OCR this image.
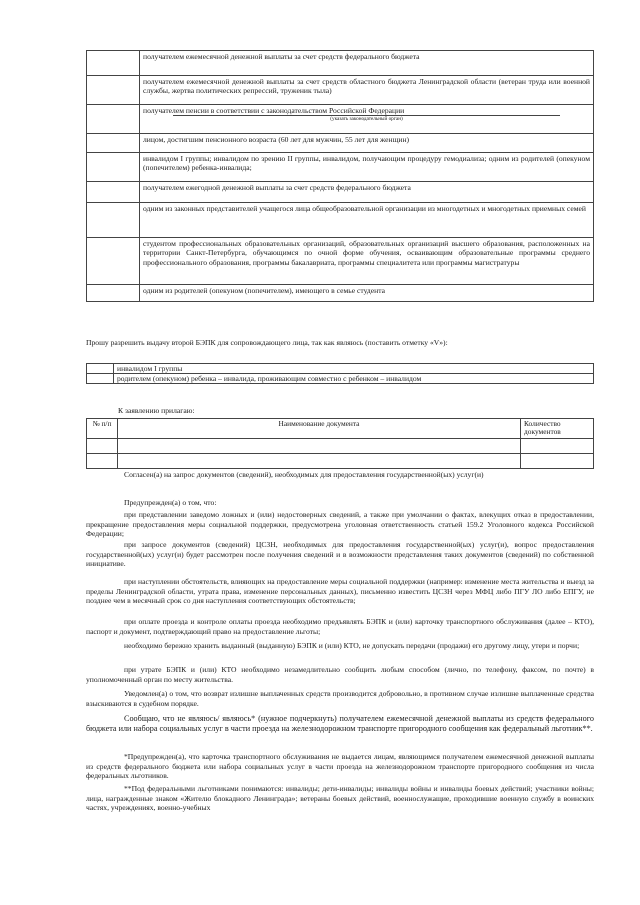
	получателем ежемесячной денежной выплаты за счет средств федерального бюджета
	получателем ежемесячной денежной выплаты за счет средств областного бюджета Ленинградской области (ветеран труда или военной службы, жертва политических репрессий, труженик тыла)
	получателем пенсии в соответствии с законодательством Российской Федерации
(указать законодательный орган)

	лицом, достигшим пенсионного возраста (60 лет для мужчин, 55 лет для женщин)
	инвалидом I группы; инвалидом по зрению II группы, инвалидом, получающим процедуру гемодиализа; одним из родителей (опекуном (попечителем) ребенка-инвалида;
	получателем ежегодной денежной выплаты за счет средств федерального бюджета
	одним из законных представителей учащегося лица общеобразовательной организации из многодетных и многодетных приемных семей
	студентом профессиональных образовательных организаций, образовательных организаций высшего образования, расположенных на территории Санкт-Петербурга, обучающимся по очной форме обучения, осваивающим образовательные программы среднего профессионального образования, программы бакалавриата, программы специалитета или программы магистратуры
	одним из родителей (опекуном (попечителем), имеющего в семье студента
Прошу разрешить выдачу второй БЭПК для сопровождающего лица, так как являюсь (поставить отметку «V»):
	инвалидом I группы
	родителем (опекуном) ребенка – инвалида, проживающим совместно с ребенком – инвалидом
К заявлению прилагаю:
№ п/п	Наименование документа	Количество документов

Согласен(а) на запрос документов (сведений), необходимых для предоставления государственной(ых) услуг(и)
Предупрежден(а) о том, что:
при представлении заведомо ложных и (или) недостоверных сведений, а также при умолчании о фактах, влекущих отказ в предоставлении, прекращение предоставления меры социальной поддержки, предусмотрена уголовная ответственность статьей 159.2 Уголовного кодекса Российской Федерации;
при запросе документов (сведений) ЦСЗН, необходимых для предоставления государственной(ых) услуг(и), вопрос предоставления государственной(ых) услуг(и) будет рассмотрен после получения сведений и в возможности представления таких документов (сведений) по собственной инициативе.
при наступлении обстоятельств, влияющих на предоставление меры социальной поддержки (например: изменение места жительства и выезд за пределы Ленинградской области, утрата права, изменение персональных данных), письменно известить ЦСЗН через МФЦ либо ПГУ ЛО либо ЕПГУ, не позднее чем в месячный срок со дня наступления соответствующих обстоятельств;
при оплате проезда и контроле оплаты проезда необходимо предъявлять БЭПК и (или) карточку транспортного обслуживания (далее – КТО), паспорт и документ, подтверждающий право на предоставление льготы;
необходимо бережно хранить выданный (выданную) БЭПК и (или) КТО, не допускать передачи (продажи) его другому лицу, утери и порчи;
при утрате БЭПК и (или) КТО необходимо незамедлительно сообщить любым способом (лично, по телефону, факсом, по почте) в уполномоченный орган по месту жительства.
Уведомлен(а) о том, что возврат излишне выплаченных средств производится добровольно, в противном случае излишне выплаченные средства взыскиваются в судебном порядке.
Сообщаю, что не являюсь/ являюсь* (нужное подчеркнуть) получателем ежемесячной денежной выплаты из средств федерального бюджета или набора социальных услуг в части проезда на железнодорожном транспорте пригородного сообщения как федеральный льготник**.
*Предупрежден(а), что карточка транспортного обслуживания не выдается лицам, являющимся получателем ежемесячной денежной выплаты из средств федерального бюджета или набора социальных услуг в части проезда на железнодорожном транспорте пригородного сообщения из числа федеральных льготников.
**Под федеральными льготниками понимаются: инвалиды; дети-инвалиды; инвалиды войны и инвалиды боевых действий; участники войны; лица, награжденные знаком «Жителю блокадного Ленинграда»; ветераны боевых действий, военнослужащие, проходившие военную службу в воинских частях, учреждениях, военно-учебных
